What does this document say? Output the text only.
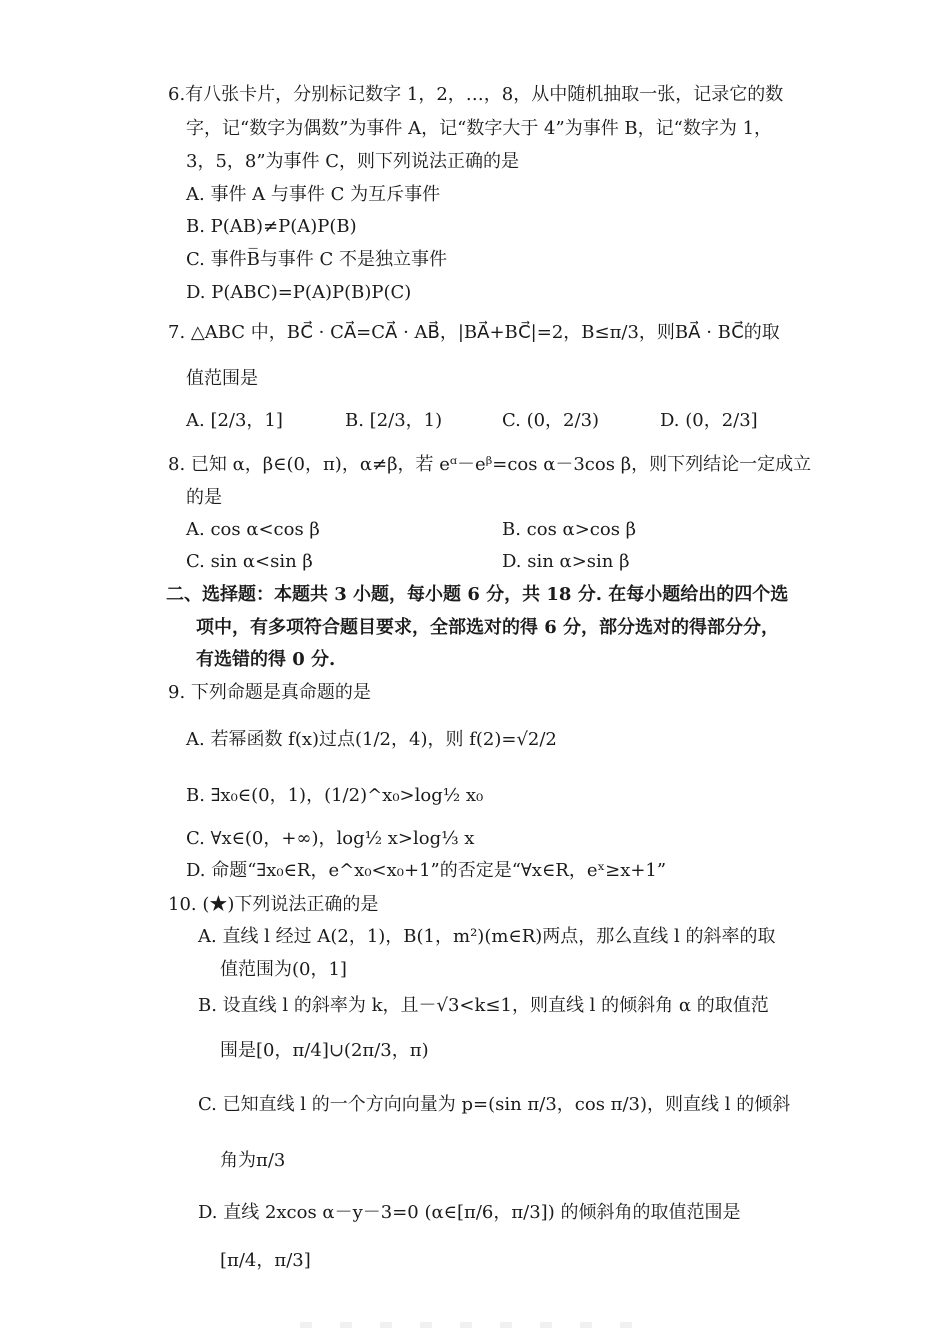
6.有八张卡片，分别标记数字 1，2，…，8，从中随机抽取一张，记录它的数
字，记“数字为偶数”为事件 A，记“数字大于 4”为事件 B，记“数字为 1，
3，5，8”为事件 C，则下列说法正确的是
A. 事件 A 与事件 C 为互斥事件
B. P(AB)≠P(A)P(B)
C. 事件B̅与事件 C 不是独立事件
D. P(ABC)=P(A)P(B)P(C)
7. △ABC 中，BC⃗ · CA⃗=CA⃗ · AB⃗，|BA⃗+BC⃗|=2，B≤π/3，则BA⃗ · BC⃗的取
值范围是
A. [2/3，1]	B. [2/3，1)	C. (0，2/3)	D. (0，2/3]
8. 已知 α，β∈(0，π)，α≠β，若 eᵅ－eᵝ=cos α－3cos β，则下列结论一定成立
的是
A. cos α<cos β	B. cos α>cos β
C. sin α<sin β	D. sin α>sin β
二、选择题：本题共 3 小题，每小题 6 分，共 18 分. 在每小题给出的四个选
项中，有多项符合题目要求，全部选对的得 6 分，部分选对的得部分分，
有选错的得 0 分.
9. 下列命题是真命题的是
A. 若幂函数 f(x)过点(1/2，4)，则 f(2)=√2/2
B. ∃x₀∈(0，1)，(1/2)^x₀>log½ x₀
C. ∀x∈(0，+∞)，log½ x>log⅓ x
D. 命题“∃x₀∈R，e^x₀<x₀+1”的否定是“∀x∈R，eˣ≥x+1”
10. (★)下列说法正确的是
A. 直线 l 经过 A(2，1)，B(1，m²)(m∈R)两点，那么直线 l 的斜率的取
值范围为(0，1]
B. 设直线 l 的斜率为 k，且－√3<k≤1，则直线 l 的倾斜角 α 的取值范
围是[0，π/4]∪(2π/3，π)
C. 已知直线 l 的一个方向向量为 p=(sin π/3，cos π/3)，则直线 l 的倾斜
角为π/3
D. 直线 2xcos α－y－3=0 (α∈[π/6，π/3]) 的倾斜角的取值范围是
[π/4，π/3]
